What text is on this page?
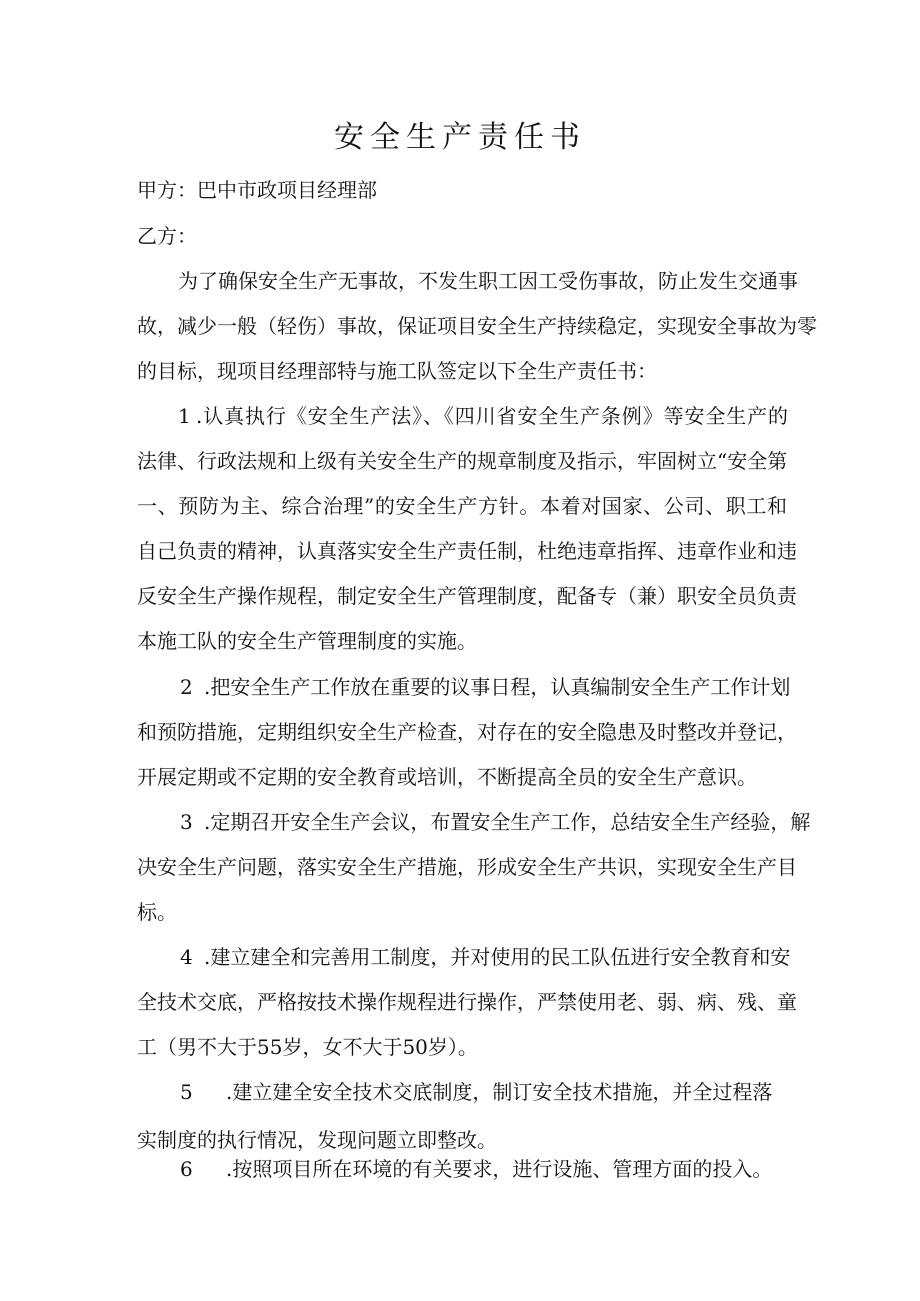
安全生产责任书

甲方：巴中市政项目经理部

乙方：

为了确保安全生产无事故，不发生职工因工受伤事故，防止发生交通事

故，减少一般（轻伤）事故，保证项目安全生产持续稳定，实现安全事故为零

的目标，现项目经理部特与施工队签定以下全生产责任书：

1 .认真执行《安全生产法》、《四川省安全生产条例》等安全生产的

法律、行政法规和上级有关安全生产的规章制度及指示，牢固树立“安全第

一、预防为主、综合治理”的安全生产方针。本着对国家、公司、职工和

自己负责的精神，认真落实安全生产责任制，杜绝违章指挥、违章作业和违

反安全生产操作规程，制定安全生产管理制度，配备专（兼）职安全员负责

本施工队的安全生产管理制度的实施。

2 .把安全生产工作放在重要的议事日程，认真编制安全生产工作计划

和预防措施，定期组织安全生产检查，对存在的安全隐患及时整改并登记，

开展定期或不定期的安全教育或培训，不断提高全员的安全生产意识。

3 .定期召开安全生产会议，布置安全生产工作，总结安全生产经验，解

决安全生产问题，落实安全生产措施，形成安全生产共识，实现安全生产目

标。

4 .建立建全和完善用工制度，并对使用的民工队伍进行安全教育和安

全技术交底，严格按技术操作规程进行操作，严禁使用老、弱、病、残、童

工（男不大于55岁，女不大于50岁）。

5 .建立建全安全技术交底制度，制订安全技术措施，并全过程落

实制度的执行情况，发现问题立即整改。

6 .按照项目所在环境的有关要求，进行设施、管理方面的投入。
